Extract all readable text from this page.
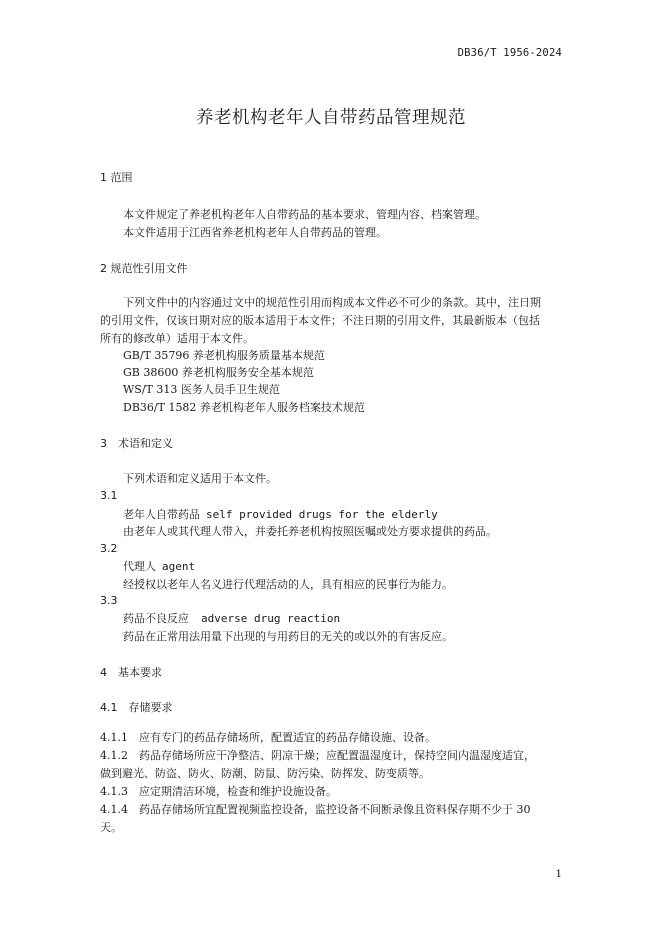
DB36/T 1956-2024
养老机构老年人自带药品管理规范
1 范围
本文件规定了养老机构老年人自带药品的基本要求、管理内容、档案管理。
本文件适用于江西省养老机构老年人自带药品的管理。
2 规范性引用文件
下列文件中的内容通过文中的规范性引用而构成本文件必不可少的条款。其中，注日期
的引用文件，仅该日期对应的版本适用于本文件；不注日期的引用文件，其最新版本（包括
所有的修改单）适用于本文件。
GB/T 35796 养老机构服务质量基本规范
GB 38600 养老机构服务安全基本规范
WS/T 313 医务人员手卫生规范
DB36/T 1582 养老机构老年人服务档案技术规范
3　术语和定义
下列术语和定义适用于本文件。
3.1
老年人自带药品 self provided drugs for the elderly
由老年人或其代理人带入，并委托养老机构按照医嘱或处方要求提供的药品。
3.2
代理人 agent
经授权以老年人名义进行代理活动的人，具有相应的民事行为能力。
3.3
药品不良反应 adverse drug reaction
药品在正常用法用量下出现的与用药目的无关的或以外的有害反应。
4　基本要求
4.1　存储要求
4.1.1　应有专门的药品存储场所，配置适宜的药品存储设施、设备。
4.1.2　药品存储场所应干净整洁、阴凉干燥；应配置温湿度计，保持空间内温湿度适宜，
做到避光、防盗、防火、防潮、防鼠、防污染、防挥发、防变质等。
4.1.3　应定期清洁环境，检查和维护设施设备。
4.1.4　药品存储场所宜配置视频监控设备，监控设备不间断录像且资料保存期不少于 30
天。
1
